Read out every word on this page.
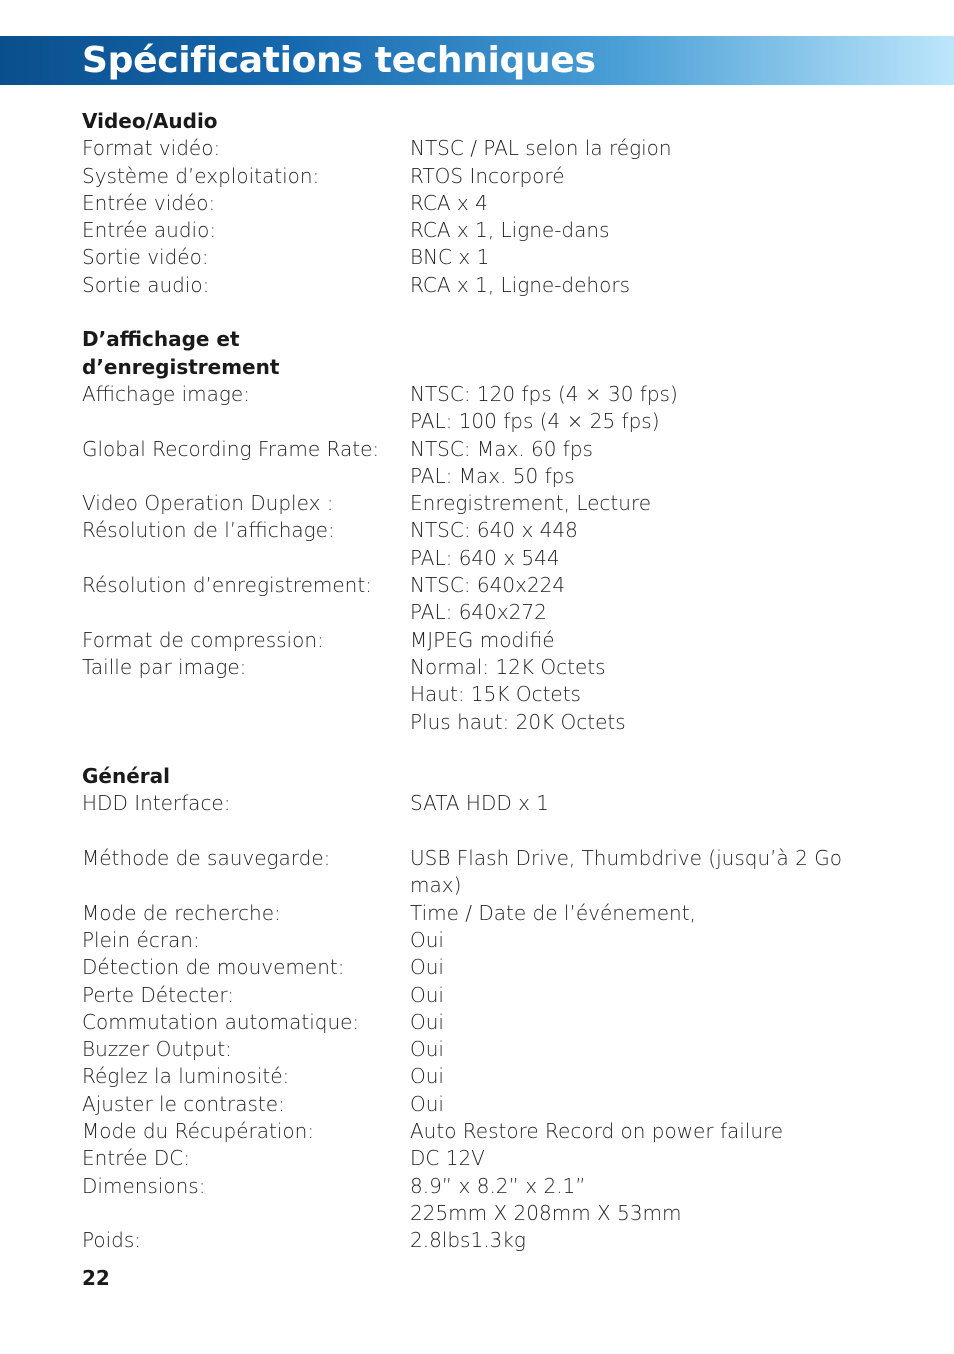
Spécifications techniques
Video/Audio
Format vidéo:	NTSC / PAL selon la région
Système d’exploitation:	RTOS Incorporé
Entrée vidéo:	RCA x 4
Entrée audio:	RCA x 1, Ligne-dans
Sortie vidéo:	BNC x 1
Sortie audio:	RCA x 1, Ligne-dehors
D’affichage et
d’enregistrement
Affichage image:	NTSC: 120 fps (4 × 30 fps)
PAL: 100 fps (4 × 25 fps)
Global Recording Frame Rate:	NTSC: Max. 60 fps
PAL: Max. 50 fps
Video Operation Duplex :	Enregistrement, Lecture
Résolution de l’affichage:	NTSC: 640 x 448
PAL: 640 x 544
Résolution d’enregistrement:	NTSC: 640x224
PAL: 640x272
Format de compression:	MJPEG modifié
Taille par image:	Normal: 12K Octets
Haut: 15K Octets
Plus haut: 20K Octets
Général
HDD Interface:	SATA HDD x 1
Méthode de sauvegarde:	USB Flash Drive, Thumbdrive (jusqu’à 2 Go
max)
Mode de recherche:	Time / Date de l’événement,
Plein écran:	Oui
Détection de mouvement:	Oui
Perte Détecter:	Oui
Commutation automatique:	Oui
Buzzer Output:	Oui
Réglez la luminosité:	Oui
Ajuster le contraste:	Oui
Mode du Récupération:	Auto Restore Record on power failure
Entrée DC:	DC 12V
Dimensions:	8.9” x 8.2” x 2.1”
225mm X 208mm X 53mm
Poids:	2.8lbs1.3kg
22
